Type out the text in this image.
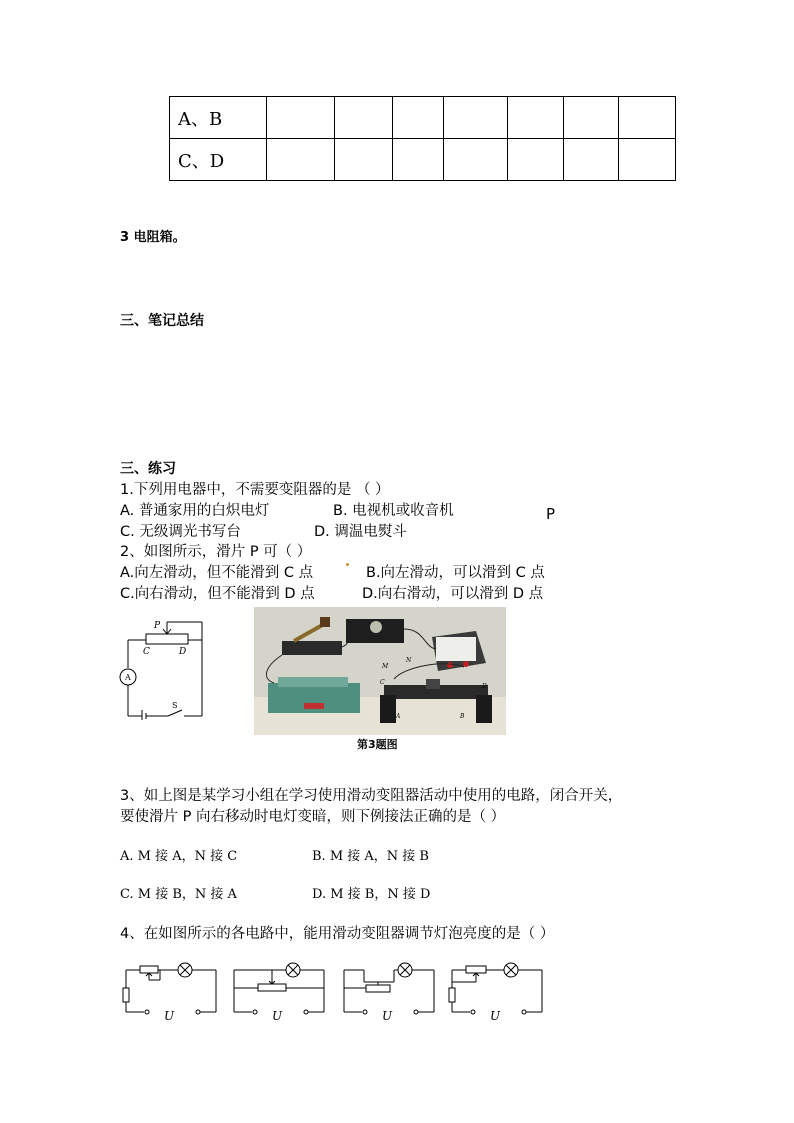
A、B							
C、D							
3 电阻箱。
三、笔记总结
三、练习
1.下列用电器中，不需要变阻器的是 （ ）
A. 普通家用的白炽电灯	B. 电视机或收音机	P
C. 无级调光书写台	D. 调温电熨斗
2、如图所示，滑片 P 可（ ）
A.向左滑动，但不能滑到 C 点	B.向左滑动，可以滑到 C 点
C.向右滑动，但不能滑到 D 点	D.向右滑动，可以滑到 D 点
P
C	D
A
S
M
N
C
D
A	B
第3题图
3、如上图是某学习小组在学习使用滑动变阻器活动中使用的电路，闭合开关，
要使滑片 P 向右移动时电灯变暗，则下例接法正确的是（ ）
A. M 接 A，N 接 C	B. M 接 A，N 接 B
C. M 接 B，N 接 A	D. M 接 B，N 接 D
4、在如图所示的各电路中，能用滑动变阻器调节灯泡亮度的是（ ）
U	U	U	U
